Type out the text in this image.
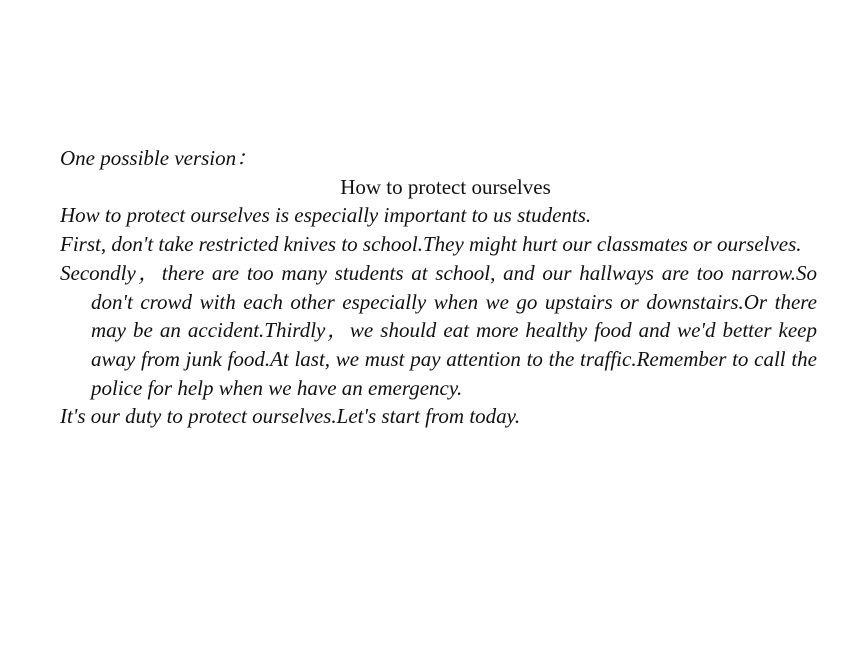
One possible version：

How to protect ourselves

How to protect ourselves is especially important to us students.

First, don't take restricted knives to school.They might hurt our classmates or ourselves.

Secondly，there are too many students at school, and our hallways are too narrow.So don't crowd with each other especially when we go upstairs or downstairs.Or there may be an accident.Thirdly，we should eat more healthy food and we'd better keep away from junk food.At last, we must pay attention to the traffic.Remember to call the police for help when we have an emergency.

It's our duty to protect ourselves.Let's start from today.
